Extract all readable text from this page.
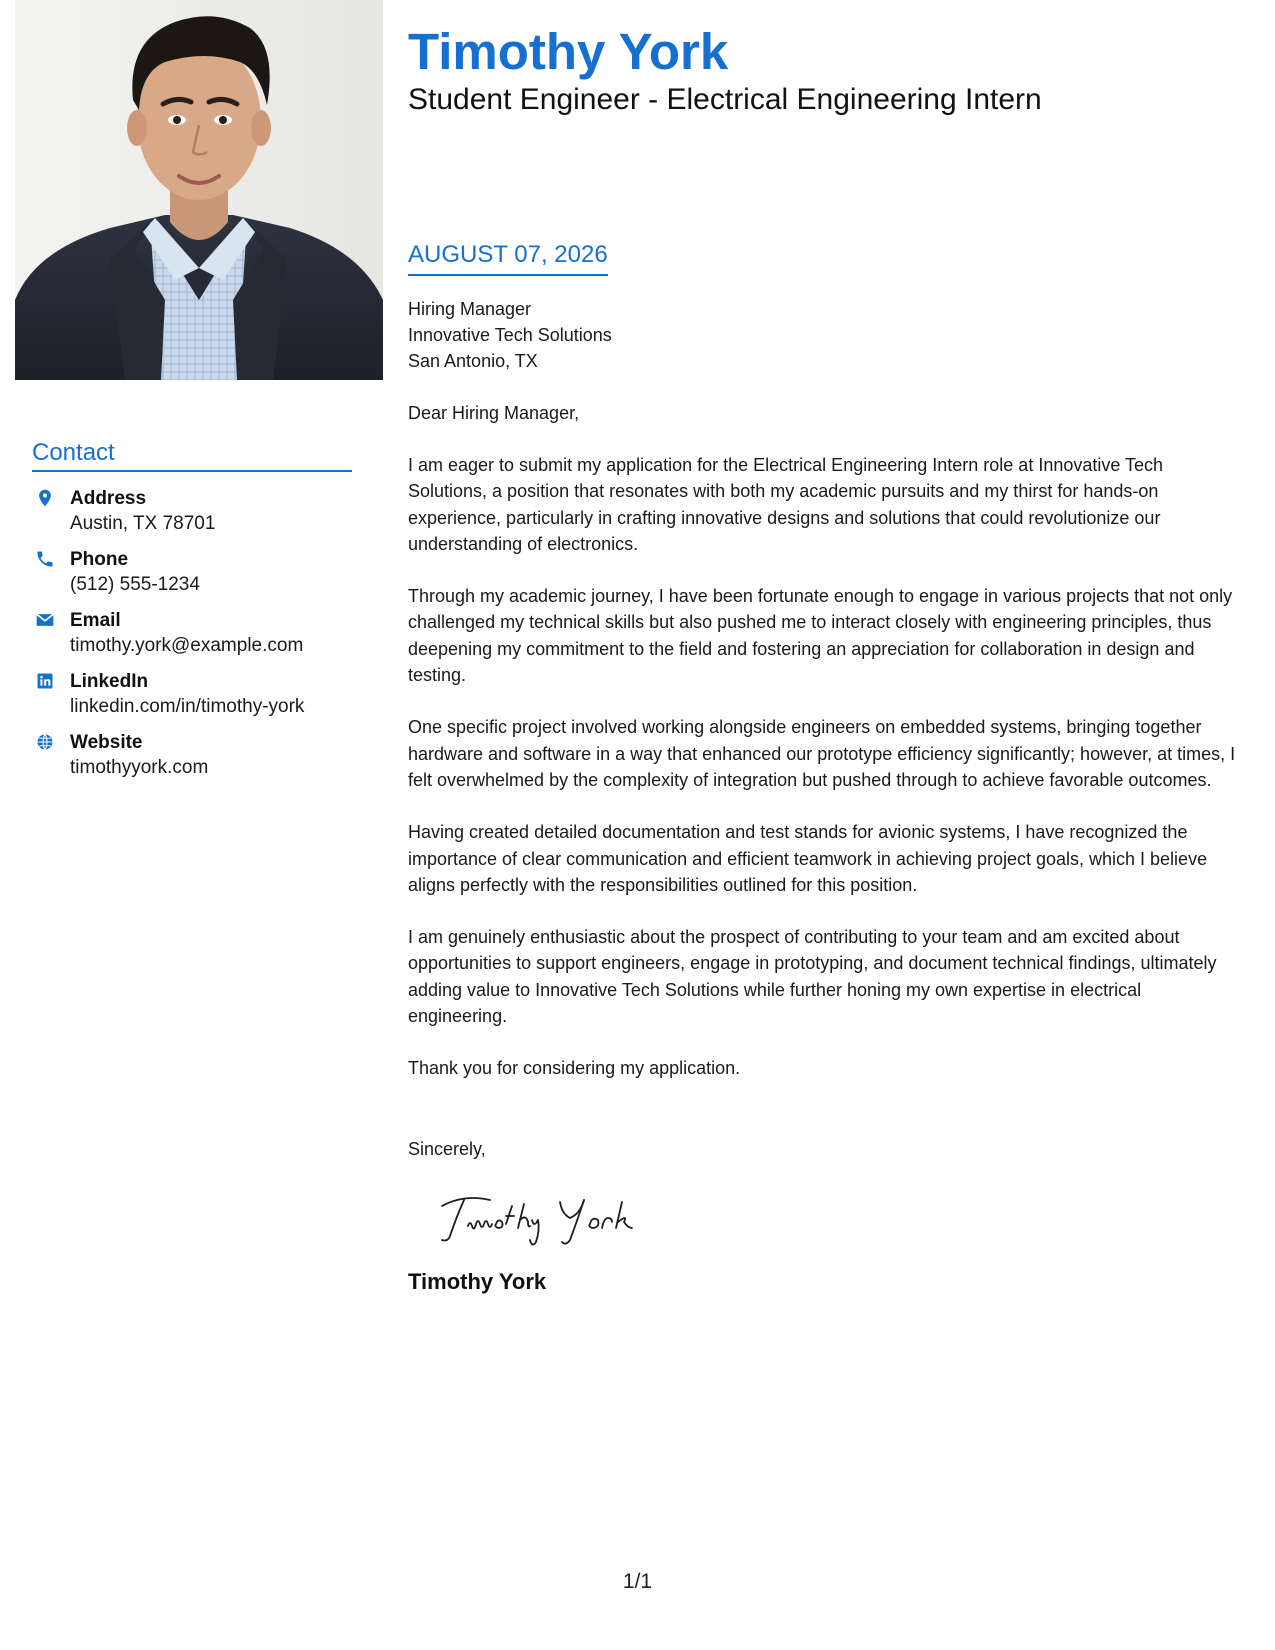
Contact
Address
Austin, TX 78701
Phone
(512) 555-1234
Email
timothy.york@example.com
LinkedIn
linkedin.com/in/timothy-york
Website
timothyyork.com
Timothy York
Student Engineer - Electrical Engineering Intern
AUGUST 07, 2026
Hiring Manager
Innovative Tech Solutions
San Antonio, TX
Dear Hiring Manager,
I am eager to submit my application for the Electrical Engineering Intern role at Innovative Tech Solutions, a position that resonates with both my academic pursuits and my thirst for hands-on experience, particularly in crafting innovative designs and solutions that could revolutionize our understanding of electronics.
Through my academic journey, I have been fortunate enough to engage in various projects that not only challenged my technical skills but also pushed me to interact closely with engineering principles, thus deepening my commitment to the field and fostering an appreciation for collaboration in design and testing.
One specific project involved working alongside engineers on embedded systems, bringing together hardware and software in a way that enhanced our prototype efficiency significantly; however, at times, I felt overwhelmed by the complexity of integration but pushed through to achieve favorable outcomes.
Having created detailed documentation and test stands for avionic systems, I have recognized the importance of clear communication and efficient teamwork in achieving project goals, which I believe aligns perfectly with the responsibilities outlined for this position.
I am genuinely enthusiastic about the prospect of contributing to your team and am excited about opportunities to support engineers, engage in prototyping, and document technical findings, ultimately adding value to Innovative Tech Solutions while further honing my own expertise in electrical engineering.
Thank you for considering my application.
Sincerely,
Timothy York
1/1
